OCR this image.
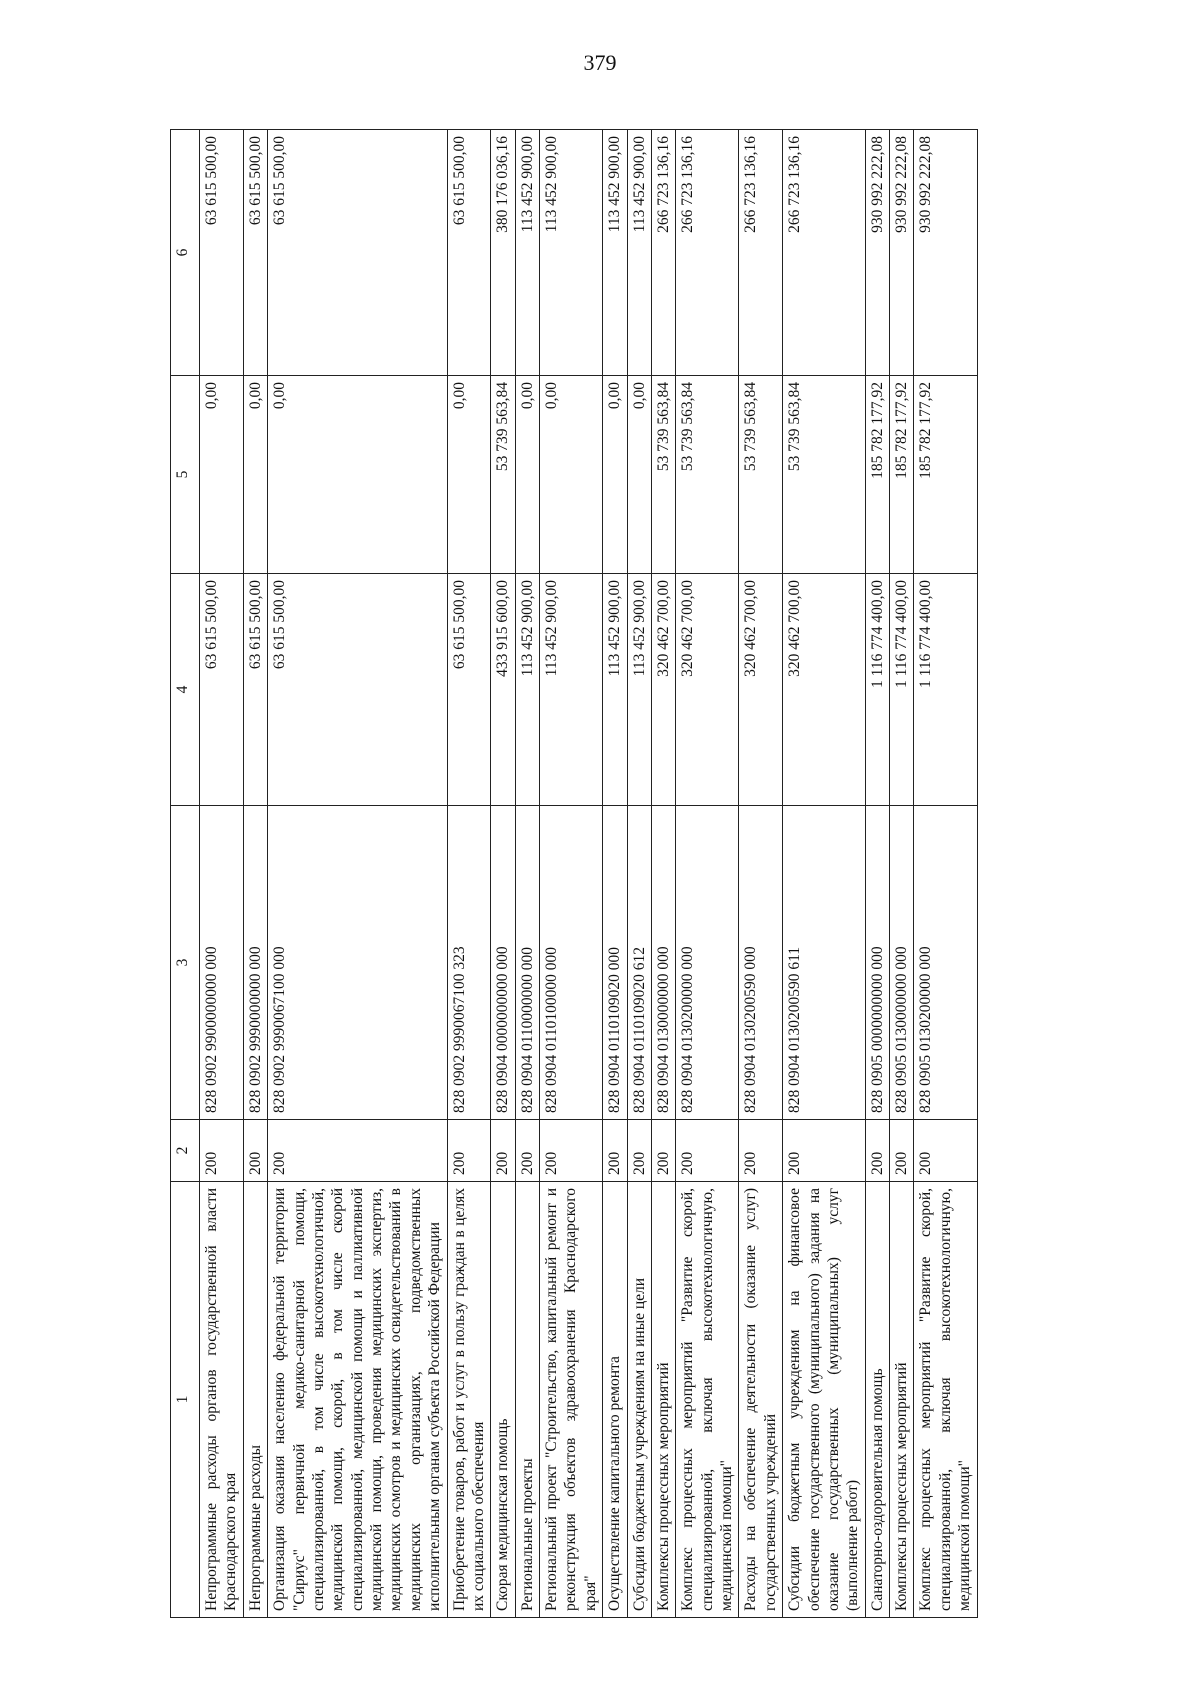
379
1	2	3	4	5	6
Непрограммные расходы органов государственной власти Краснодарского края	200	828 0902 9900000000 000	63 615 500,00	0,00	63 615 500,00
Непрограммные расходы	200	828 0902 9990000000 000	63 615 500,00	0,00	63 615 500,00
Организация оказания населению федеральной территории "Сириус" первичной медико-санитарной помощи, специализированной, в том числе высокотехнологичной, медицинской помощи, скорой, в том числе скорой специализированной, медицинской помощи и паллиативной медицинской помощи, проведения медицинских экспертиз, медицинских осмотров и медицинских освидетельствований в медицинских организациях, подведомственных исполнительным органам субъекта Российской Федерации	200	828 0902 9990067100 000	63 615 500,00	0,00	63 615 500,00
Приобретение товаров, работ и услуг в пользу граждан в целях их социального обеспечения	200	828 0902 9990067100 323	63 615 500,00	0,00	63 615 500,00
Скорая медицинская помощь	200	828 0904 0000000000 000	433 915 600,00	53 739 563,84	380 176 036,16
Региональные проекты	200	828 0904 0110000000 000	113 452 900,00	0,00	113 452 900,00
Региональный проект "Строительство, капитальный ремонт и реконструкция объектов здравоохранения Краснодарского края"	200	828 0904 0110100000 000	113 452 900,00	0,00	113 452 900,00
Осуществление капитального ремонта	200	828 0904 0110109020 000	113 452 900,00	0,00	113 452 900,00
Субсидии бюджетным учреждениям на иные цели	200	828 0904 0110109020 612	113 452 900,00	0,00	113 452 900,00
Комплексы процессных мероприятий	200	828 0904 0130000000 000	320 462 700,00	53 739 563,84	266 723 136,16
Комплекс процессных мероприятий "Развитие скорой, специализированной, включая высокотехнологичную, медицинской помощи"	200	828 0904 0130200000 000	320 462 700,00	53 739 563,84	266 723 136,16
Расходы на обеспечение деятельности (оказание услуг) государственных учреждений	200	828 0904 0130200590 000	320 462 700,00	53 739 563,84	266 723 136,16
Субсидии бюджетным учреждениям на финансовое обеспечение государственного (муниципального) задания на оказание государственных (муниципальных) услуг (выполнение работ)	200	828 0904 0130200590 611	320 462 700,00	53 739 563,84	266 723 136,16
Санаторно-оздоровительная помощь	200	828 0905 0000000000 000	1 116 774 400,00	185 782 177,92	930 992 222,08
Комплексы процессных мероприятий	200	828 0905 0130000000 000	1 116 774 400,00	185 782 177,92	930 992 222,08
Комплекс процессных мероприятий "Развитие скорой, специализированной, включая высокотехнологичную, медицинской помощи"	200	828 0905 0130200000 000	1 116 774 400,00	185 782 177,92	930 992 222,08
